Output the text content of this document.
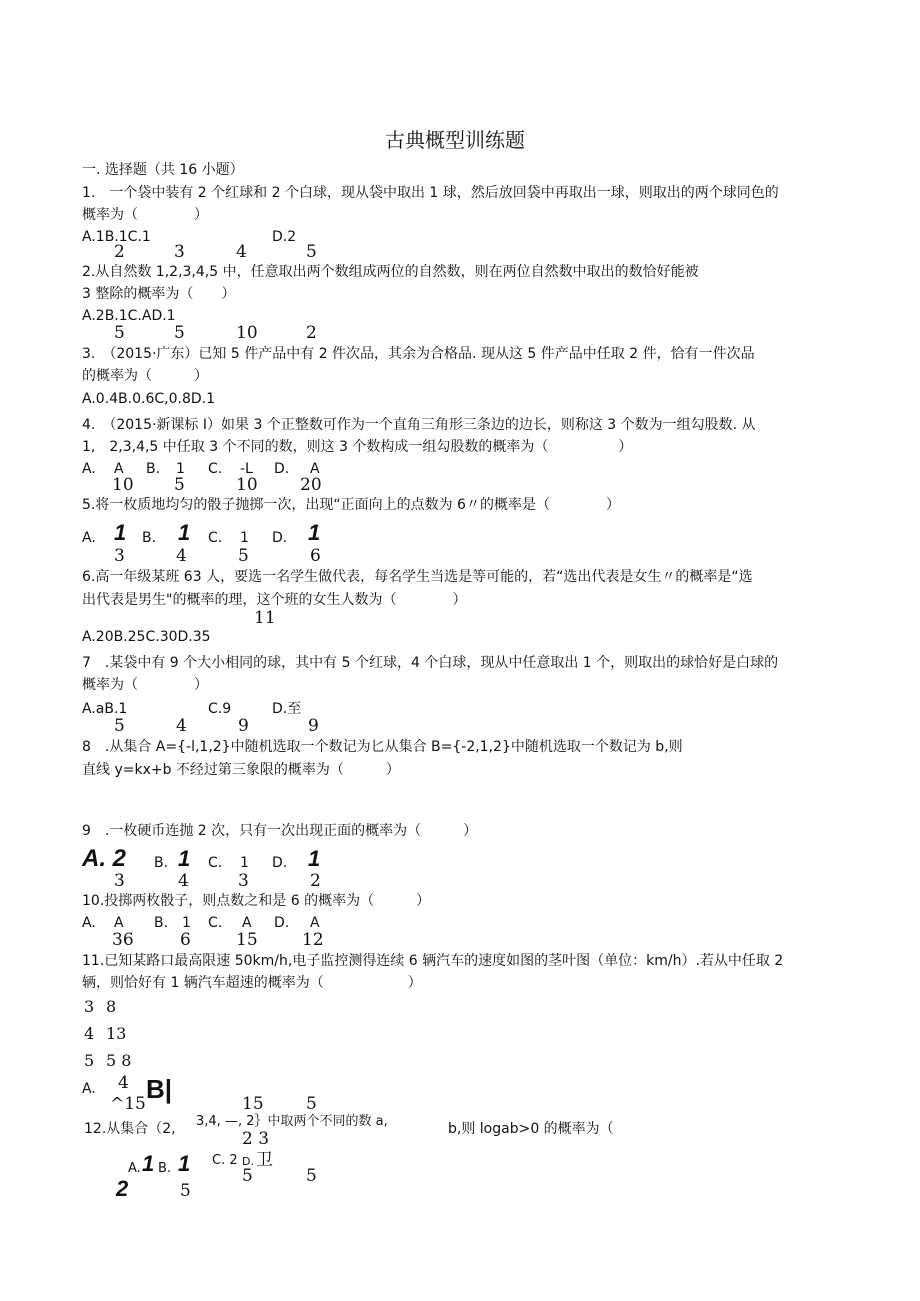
古典概型训练题
一. 选择题（共 16 小题）
1.　一个袋中装有 2 个红球和 2 个白球，现从袋中取出 1 球，然后放回袋中再取出一球，则取出的两个球同色的
概率为（　　　　）
A.1B.1C.1	D.2
2	3	4	5
2.从自然数 1,2,3,4,5 中，任意取出两个数组成两位的自然数，则在两位自然数中取出的数恰好能被
3 整除的概率为（　　）
A.2B.1C.AD.1
5	5	10	2
3.　（2015·广东）已知 5 件产品中有 2 件次品，其余为合格品. 现从这 5 件产品中任取 2 件，恰有一件次品
的概率为（　　　）
A.0.4B.0.6C,0.8D.1
4.　（2015·新课标 I）如果 3 个正整数可作为一个直角三角形三条边的边长，则称这 3 个数为一组勾股数. 从
1,　2,3,4,5 中任取 3 个不同的数，则这 3 个数构成一组勾股数的概率为（　　　　　）
A. A B. 1 C. -L D. A
10 5	10 20
5.将一枚质地均匀的骰子抛掷一次，出现“正面向上的点数为 6〃的概率是（　　　　）
A. 1 B. 1 C. 1 D. 1
3	4	5	6
6.高一年级某班 63 人，要选一名学生做代表，每名学生当选是等可能的，若“选出代表是女生〃的概率是“选
出代表是男生"的概率的理，这个班的女生人数为（　　　　）
11
A.20B.25C.30D.35
7　.某袋中有 9 个大小相同的球，其中有 5 个红球，4 个白球，现从中任意取出 1 个，则取出的球恰好是白球的
概率为（　　　　）
A.aB.1	C.9	D.至
5	4	9	9
8　.从集合 A={-l,1,2}中随机选取一个数记为匕从集合 B={-2,1,2}中随机选取一个数记为 b,则
直线 y=kx+b 不经过第三象限的概率为（　　　）
9　.一枚硬币连抛 2 次，只有一次出现正面的概率为（　　　）
A. 2 B. 1 C. 1 D. 1
3	4	3	2
10.投掷两枚骰子，则点数之和是 6 的概率为（　　　）
A. A B. 1 C. A D. A
36	6	15	12
11.已知某路口最高限速 50km/h,电子监控测得连续 6 辆汽车的速度如图的茎叶图（单位：km/h）.若从中任取 2
辆，则恰好有 1 辆汽车超速的概率为（　　　　　　）
3 8
4 13
5 5 8
A. 4
^15 B|	15 5
12.从集合（2, 3,4, —, 2｝中取两个不同的数 a,
2 3	b,则 logab>0 的概率为（
A. 1 B. 1 C. 2 D. 卫
2	5
5	5
